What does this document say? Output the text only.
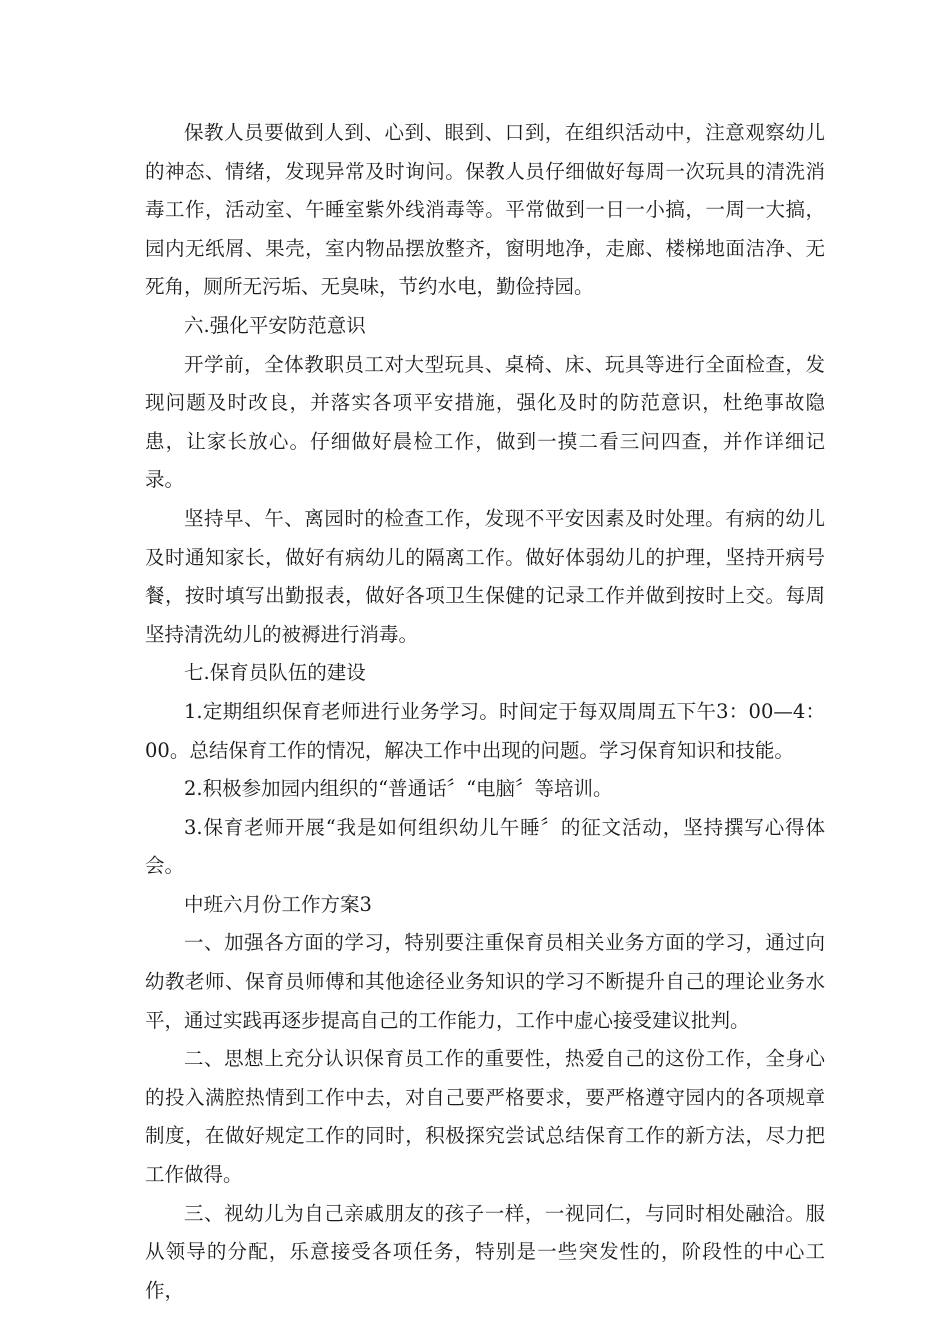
保教人员要做到人到、心到、眼到、口到，在组织活动中，注意观察幼儿的神态、情绪，发现异常及时询问。保教人员仔细做好每周一次玩具的清洗消毒工作，活动室、午睡室紫外线消毒等。平常做到一日一小搞，一周一大搞，园内无纸屑、果壳，室内物品摆放整齐，窗明地净，走廊、楼梯地面洁净、无死角，厕所无污垢、无臭味，节约水电，勤俭持园。

六.强化平安防范意识

开学前，全体教职员工对大型玩具、桌椅、床、玩具等进行全面检查，发现问题及时改良，并落实各项平安措施，强化及时的防范意识，杜绝事故隐患，让家长放心。仔细做好晨检工作，做到一摸二看三问四查，并作详细记录。

坚持早、午、离园时的检查工作，发现不平安因素及时处理。有病的幼儿及时通知家长，做好有病幼儿的隔离工作。做好体弱幼儿的护理，坚持开病号餐，按时填写出勤报表，做好各项卫生保健的记录工作并做到按时上交。每周坚持清洗幼儿的被褥进行消毒。

七.保育员队伍的建设

1.定期组织保育老师进行业务学习。时间定于每双周周五下午3：00—4：00。总结保育工作的情况，解决工作中出现的问题。学习保育知识和技能。

2.积极参加园内组织的“普通话〞“电脑〞等培训。

3.保育老师开展“我是如何组织幼儿午睡〞的征文活动，坚持撰写心得体会。

中班六月份工作方案3

一、加强各方面的学习，特别要注重保育员相关业务方面的学习，通过向幼教老师、保育员师傅和其他途径业务知识的学习不断提升自己的理论业务水平，通过实践再逐步提高自己的工作能力，工作中虚心接受建议批判。

二、思想上充分认识保育员工作的重要性，热爱自己的这份工作，全身心的投入满腔热情到工作中去，对自己要严格要求，要严格遵守园内的各项规章制度，在做好规定工作的同时，积极探究尝试总结保育工作的新方法，尽力把工作做得。

三、视幼儿为自己亲戚朋友的孩子一样，一视同仁，与同时相处融洽。服从领导的分配，乐意接受各项任务，特别是一些突发性的，阶段性的中心工作，
